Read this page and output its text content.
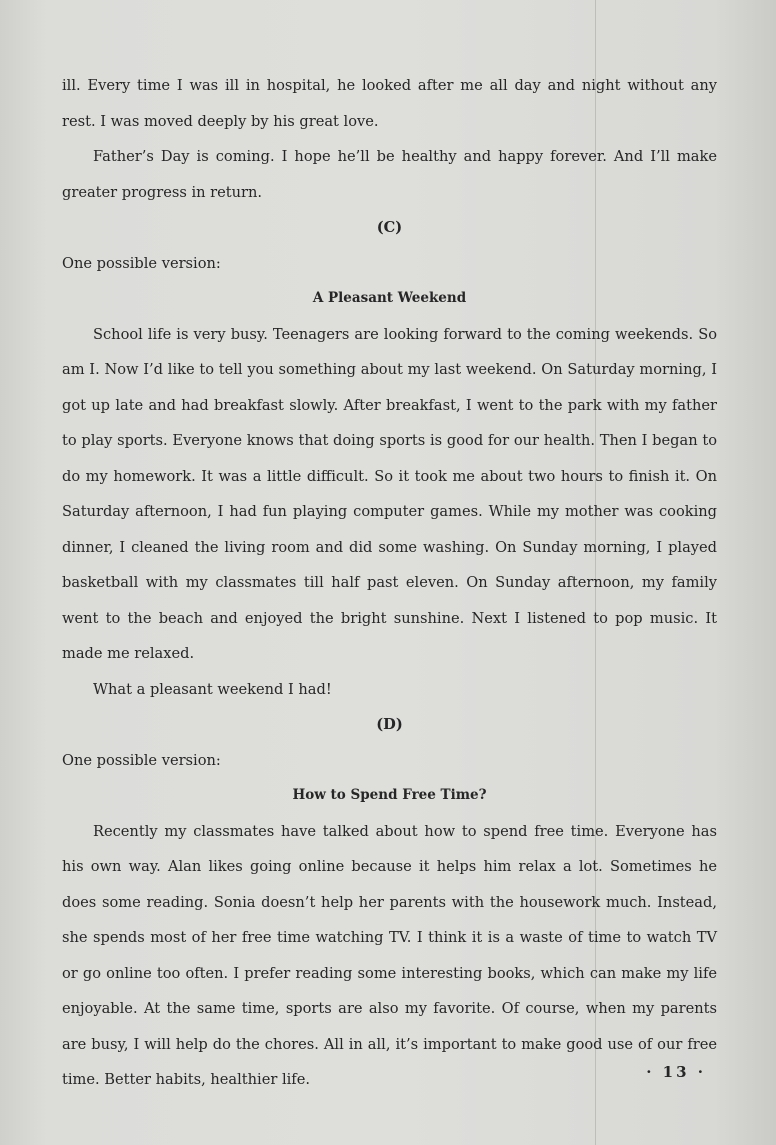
ill. Every time I was ill in hospital, he looked after me all day and night without any rest. I was moved deeply by his great love.

Father’s Day is coming. I hope he’ll be healthy and happy forever. And I’ll make greater progress in return.

(C)

One possible version:

A Pleasant Weekend

School life is very busy. Teenagers are looking forward to the coming weekends. So am I. Now I’d like to tell you something about my last weekend. On Saturday morning, I got up late and had breakfast slowly. After breakfast, I went to the park with my father to play sports. Everyone knows that doing sports is good for our health. Then I began to do my homework. It was a little difficult. So it took me about two hours to finish it. On Saturday afternoon, I had fun playing computer games. While my mother was cooking dinner, I cleaned the living room and did some washing. On Sunday morning, I played basketball with my classmates till half past eleven. On Sunday afternoon, my family went to the beach and enjoyed the bright sunshine. Next I listened to pop music. It made me relaxed.

What a pleasant weekend I had!

(D)

One possible version:

How to Spend Free Time?

Recently my classmates have talked about how to spend free time. Everyone has his own way. Alan likes going online because it helps him relax a lot. Sometimes he does some reading. Sonia doesn’t help her parents with the housework much. Instead, she spends most of her free time watching TV. I think it is a waste of time to watch TV or go online too often. I prefer reading some interesting books, which can make my life enjoyable. At the same time, sports are also my favorite. Of course, when my parents are busy, I will help do the chores. All in all, it’s important to make good use of our free time. Better habits, healthier life.	· 13 ·
